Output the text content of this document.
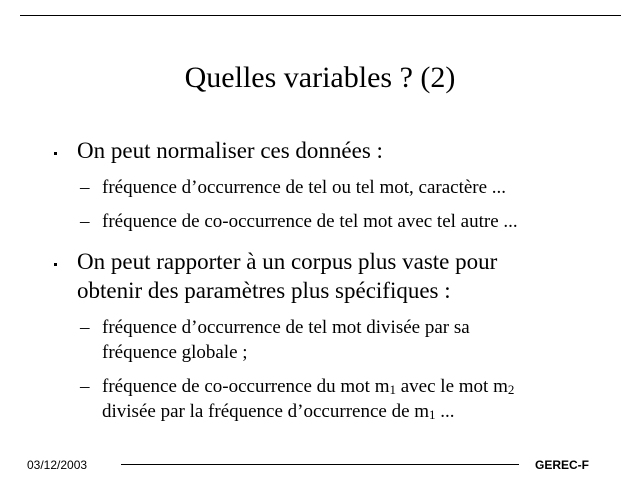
Quelles variables ? (2)
On peut normaliser ces données :
– fréquence d’occurrence de tel ou tel mot, caractère ...
– fréquence de co-occurrence de tel mot avec tel autre ...
On peut rapporter à un corpus plus vaste pour
obtenir des paramètres plus spécifiques :
– fréquence d’occurrence de tel mot divisée par sa
fréquence globale ;
– fréquence de co-occurrence du mot m1 avec le mot m2
divisée par la fréquence d’occurrence de m1 ...
03/12/2003	GEREC-F
